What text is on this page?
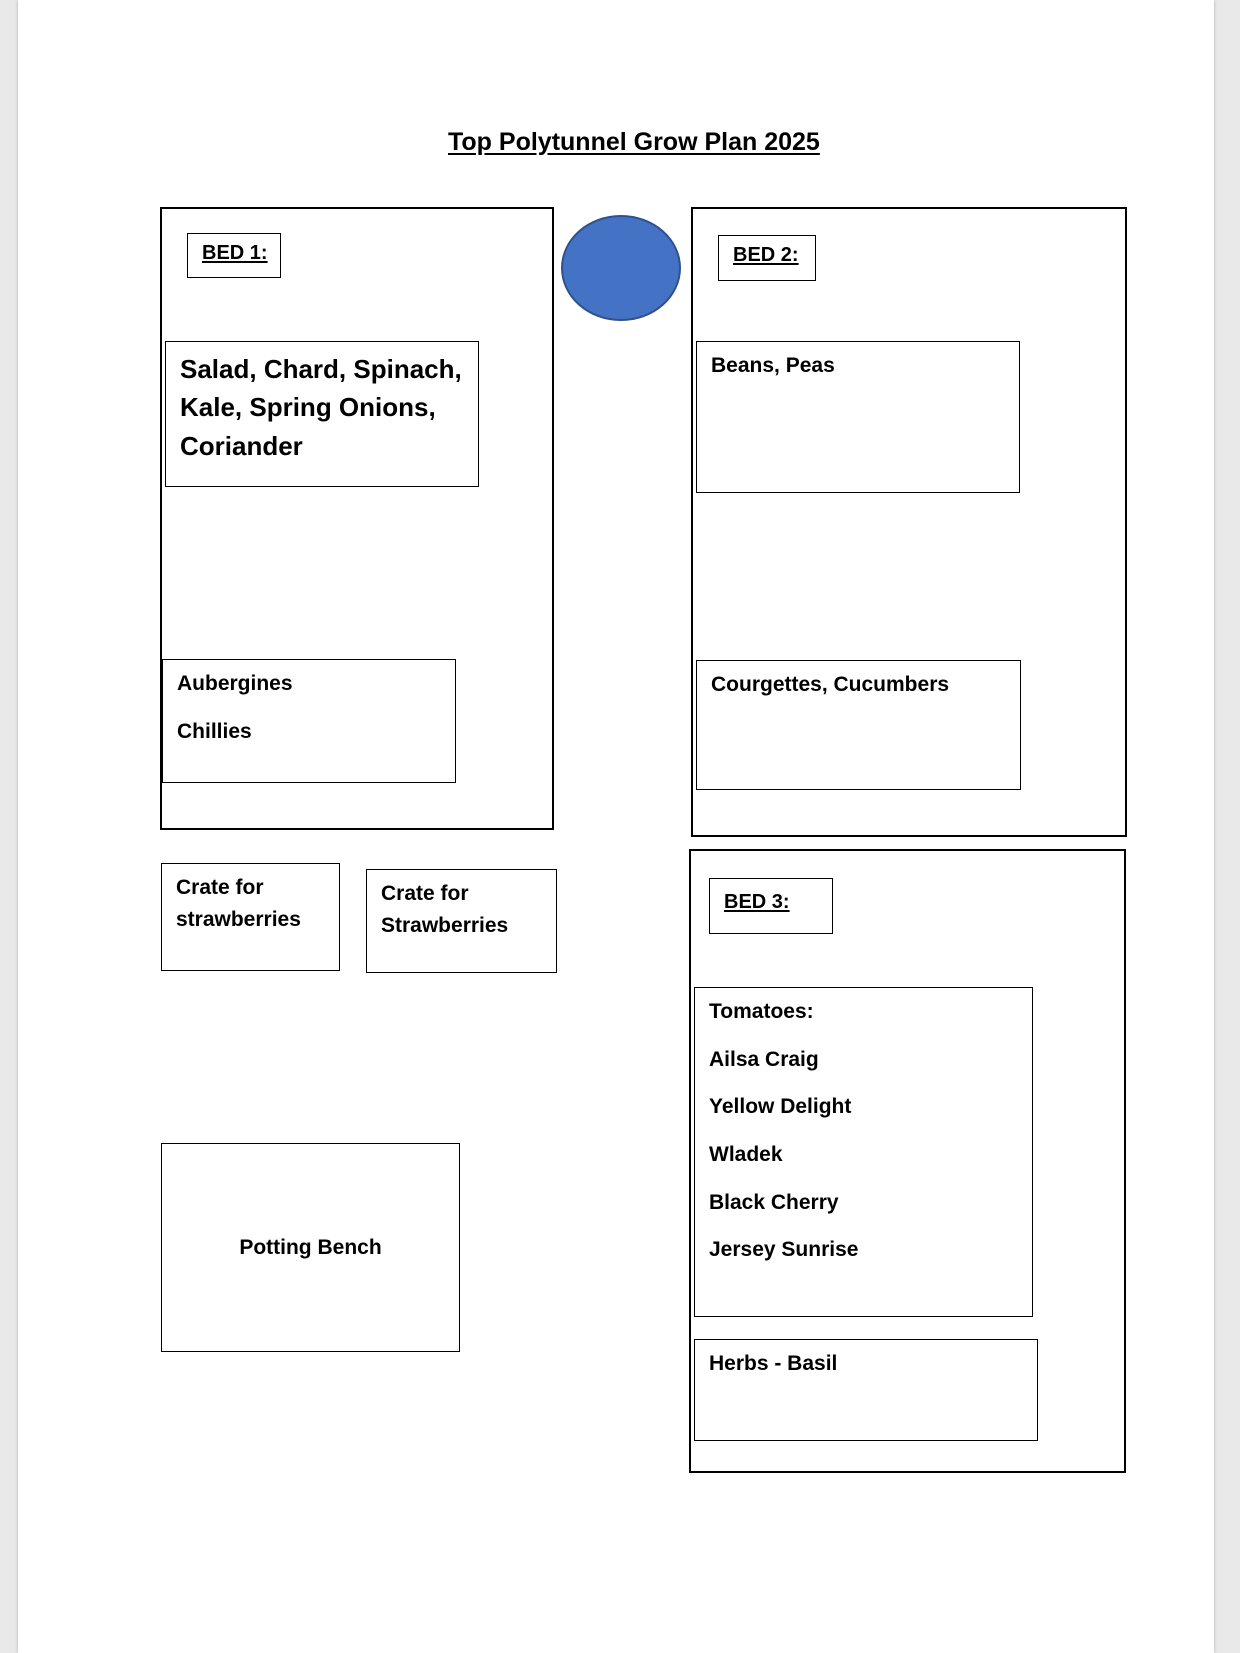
Top Polytunnel Grow Plan 2025
BED 1:
Salad, Chard, Spinach,
Kale, Spring Onions,
Coriander
Aubergines
Chillies
BED 2:
Beans, Peas
Courgettes, Cucumbers
Crate for
strawberries
Crate for
Strawberries
BED 3:
Tomatoes:
Ailsa Craig
Yellow Delight
Wladek
Black Cherry
Jersey Sunrise
Herbs - Basil
Potting Bench
